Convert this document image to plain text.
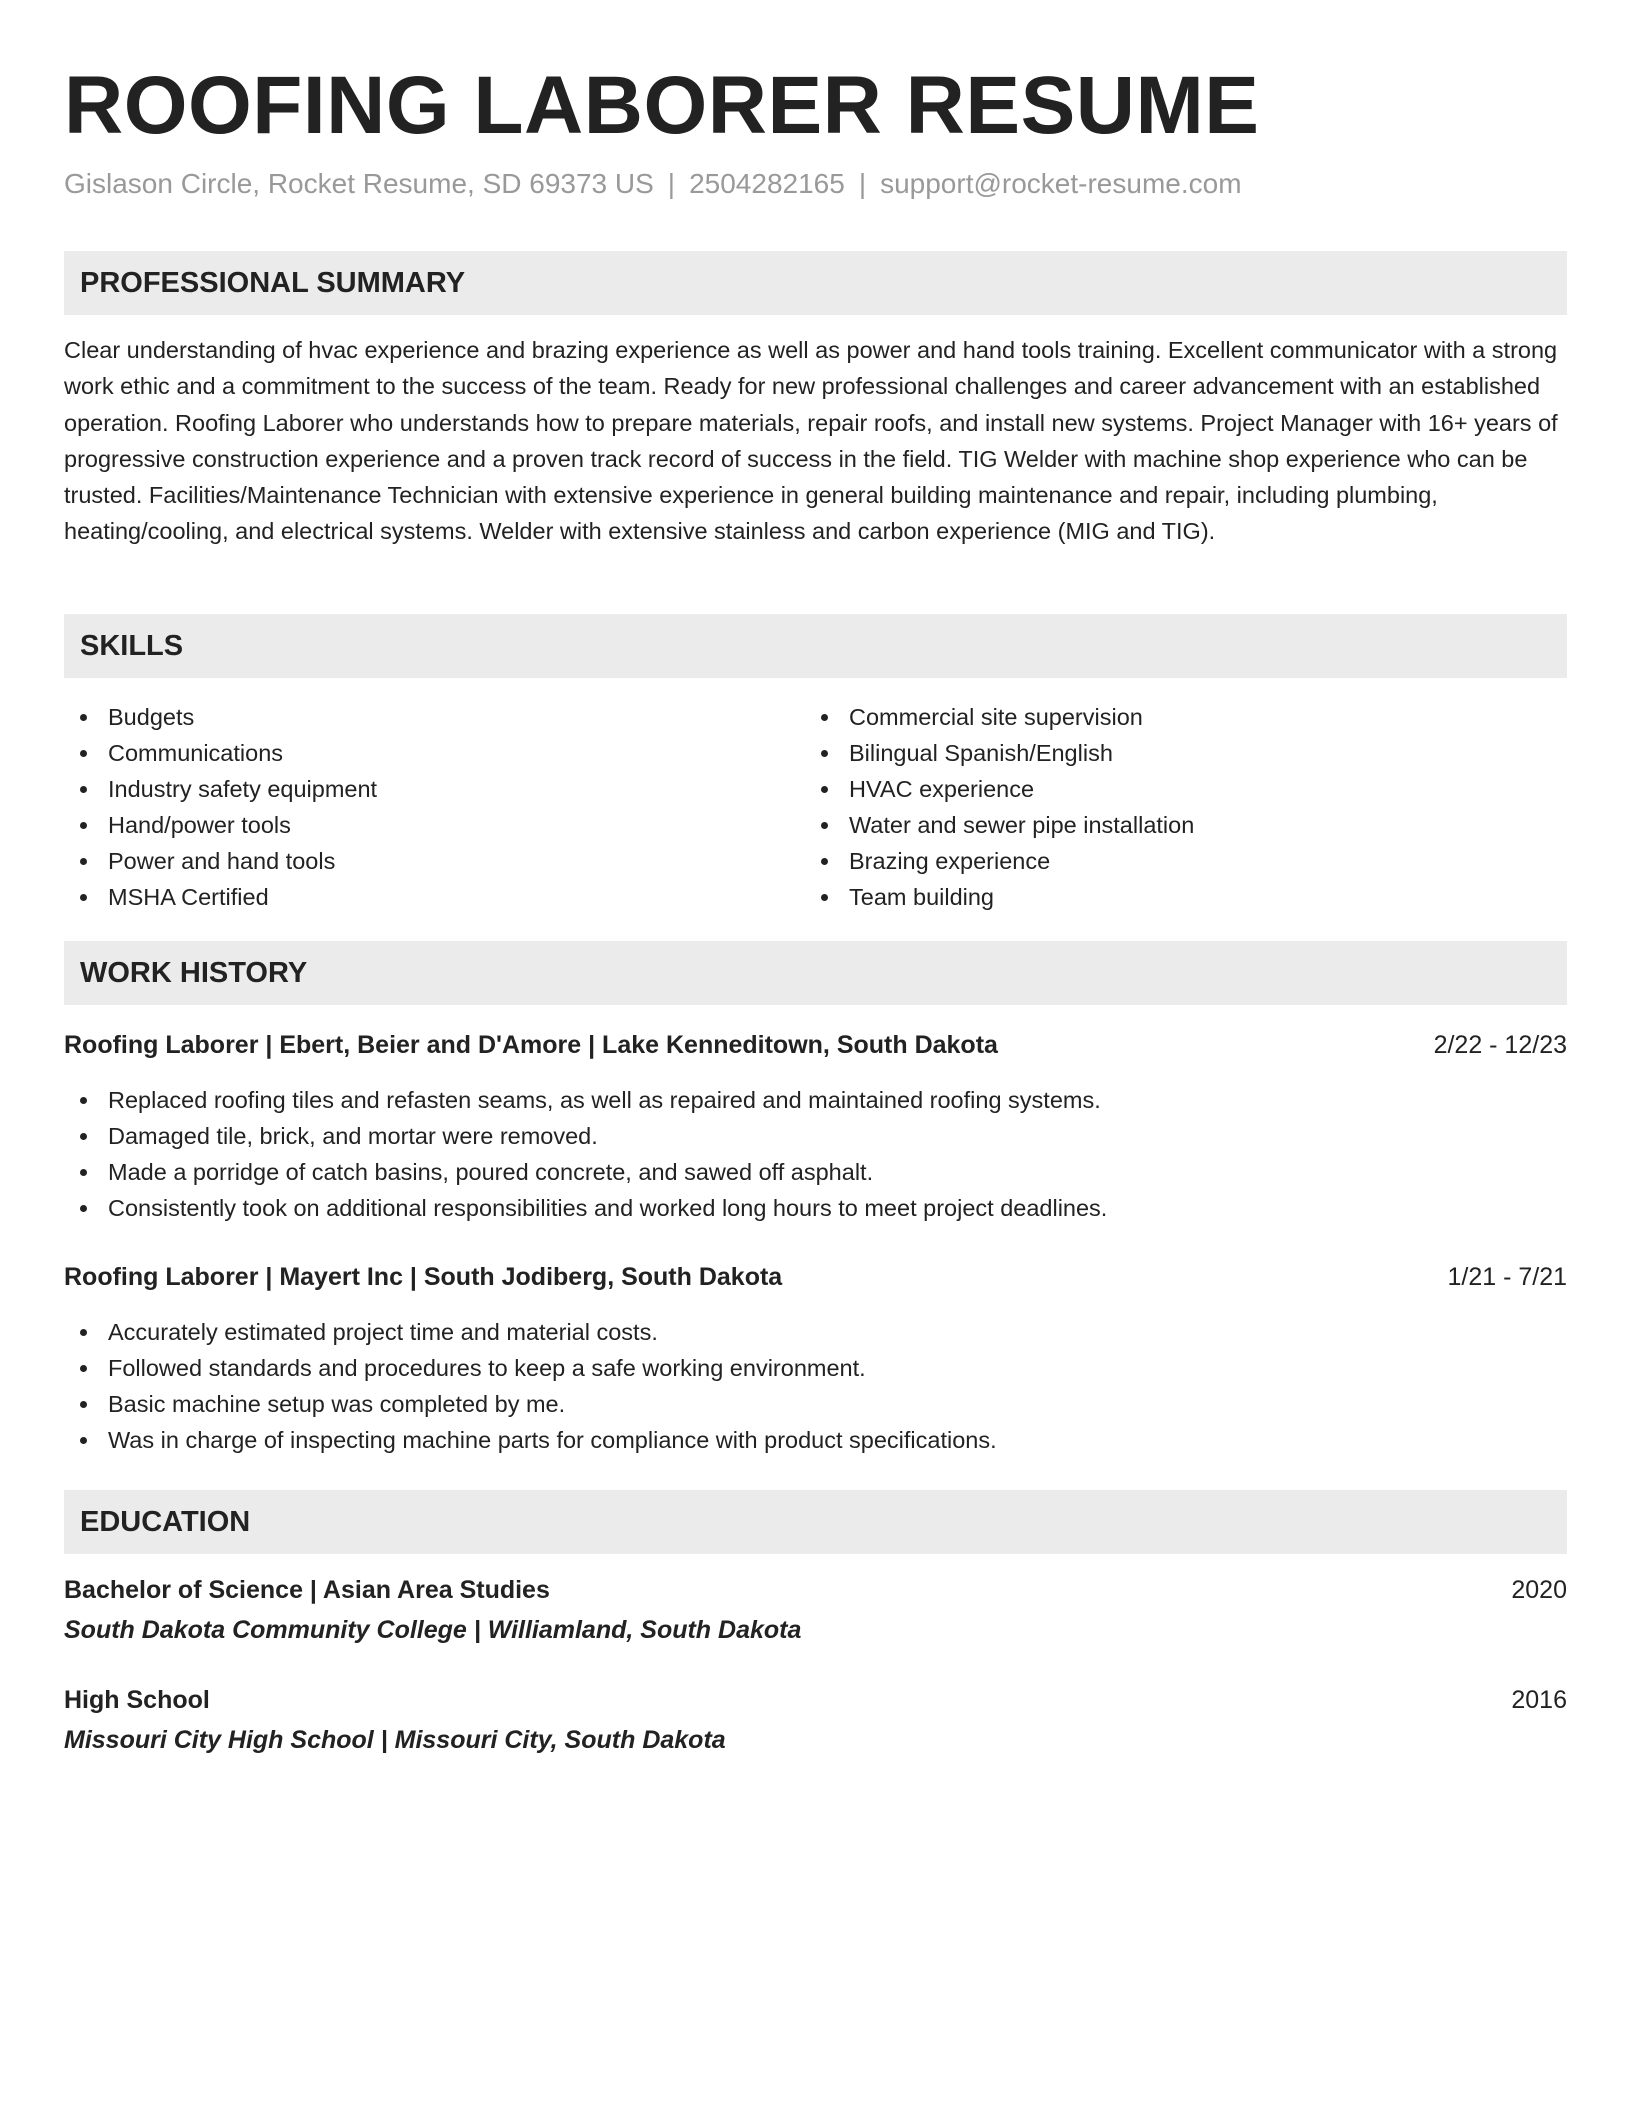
ROOFING LABORER RESUME
Gislason Circle, Rocket Resume, SD 69373 US | 2504282165 | support@rocket-resume.com
PROFESSIONAL SUMMARY
Clear understanding of hvac experience and brazing experience as well as power and hand tools training. Excellent communicator with a strong work ethic and a commitment to the success of the team. Ready for new professional challenges and career advancement with an established operation. Roofing Laborer who understands how to prepare materials, repair roofs, and install new systems. Project Manager with 16+ years of progressive construction experience and a proven track record of success in the field. TIG Welder with machine shop experience who can be trusted. Facilities/Maintenance Technician with extensive experience in general building maintenance and repair, including plumbing, heating/cooling, and electrical systems. Welder with extensive stainless and carbon experience (MIG and TIG).
SKILLS
Budgets
Communications
Industry safety equipment
Hand/power tools
Power and hand tools
MSHA Certified
Commercial site supervision
Bilingual Spanish/English
HVAC experience
Water and sewer pipe installation
Brazing experience
Team building
WORK HISTORY
Roofing Laborer | Ebert, Beier and D'Amore | Lake Kenneditown, South Dakota	2/22 - 12/23
Replaced roofing tiles and refasten seams, as well as repaired and maintained roofing systems.
Damaged tile, brick, and mortar were removed.
Made a porridge of catch basins, poured concrete, and sawed off asphalt.
Consistently took on additional responsibilities and worked long hours to meet project deadlines.
Roofing Laborer | Mayert Inc | South Jodiberg, South Dakota	1/21 - 7/21
Accurately estimated project time and material costs.
Followed standards and procedures to keep a safe working environment.
Basic machine setup was completed by me.
Was in charge of inspecting machine parts for compliance with product specifications.
EDUCATION
Bachelor of Science | Asian Area Studies	2020
South Dakota Community College | Williamland, South Dakota
High School	2016
Missouri City High School | Missouri City, South Dakota
